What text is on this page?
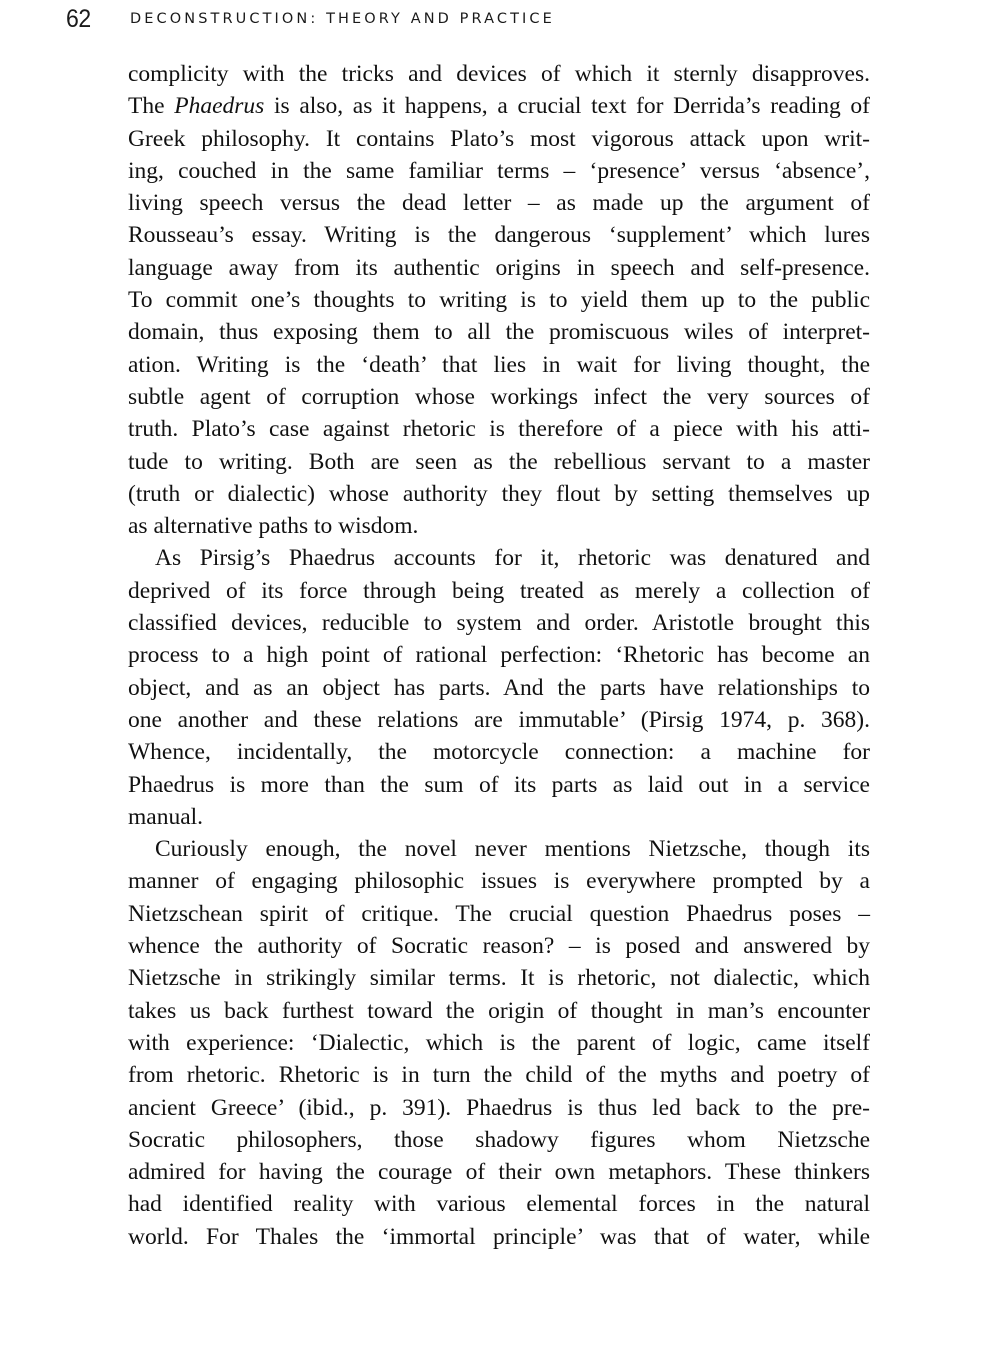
62	DECONSTRUCTION: THEORY AND PRACTICE
complicity with the tricks and devices of which it sternly disapproves.
The Phaedrus is also, as it happens, a crucial text for Derrida’s reading of
Greek philosophy. It contains Plato’s most vigorous attack upon writ-
ing, couched in the same familiar terms – ‘presence’ versus ‘absence’,
living speech versus the dead letter – as made up the argument of
Rousseau’s essay. Writing is the dangerous ‘supplement’ which lures
language away from its authentic origins in speech and self-presence.
To commit one’s thoughts to writing is to yield them up to the public
domain, thus exposing them to all the promiscuous wiles of interpret-
ation. Writing is the ‘death’ that lies in wait for living thought, the
subtle agent of corruption whose workings infect the very sources of
truth. Plato’s case against rhetoric is therefore of a piece with his atti-
tude to writing. Both are seen as the rebellious servant to a master
(truth or dialectic) whose authority they flout by setting themselves up
as alternative paths to wisdom.
As Pirsig’s Phaedrus accounts for it, rhetoric was denatured and
deprived of its force through being treated as merely a collection of
classified devices, reducible to system and order. Aristotle brought this
process to a high point of rational perfection: ‘Rhetoric has become an
object, and as an object has parts. And the parts have relationships to
one another and these relations are immutable’ (Pirsig 1974, p. 368).
Whence, incidentally, the motorcycle connection: a machine for
Phaedrus is more than the sum of its parts as laid out in a service
manual.
Curiously enough, the novel never mentions Nietzsche, though its
manner of engaging philosophic issues is everywhere prompted by a
Nietzschean spirit of critique. The crucial question Phaedrus poses –
whence the authority of Socratic reason? – is posed and answered by
Nietzsche in strikingly similar terms. It is rhetoric, not dialectic, which
takes us back furthest toward the origin of thought in man’s encounter
with experience: ‘Dialectic, which is the parent of logic, came itself
from rhetoric. Rhetoric is in turn the child of the myths and poetry of
ancient Greece’ (ibid., p. 391). Phaedrus is thus led back to the pre-
Socratic philosophers, those shadowy figures whom Nietzsche
admired for having the courage of their own metaphors. These thinkers
had identified reality with various elemental forces in the natural
world. For Thales the ‘immortal principle’ was that of water, while
